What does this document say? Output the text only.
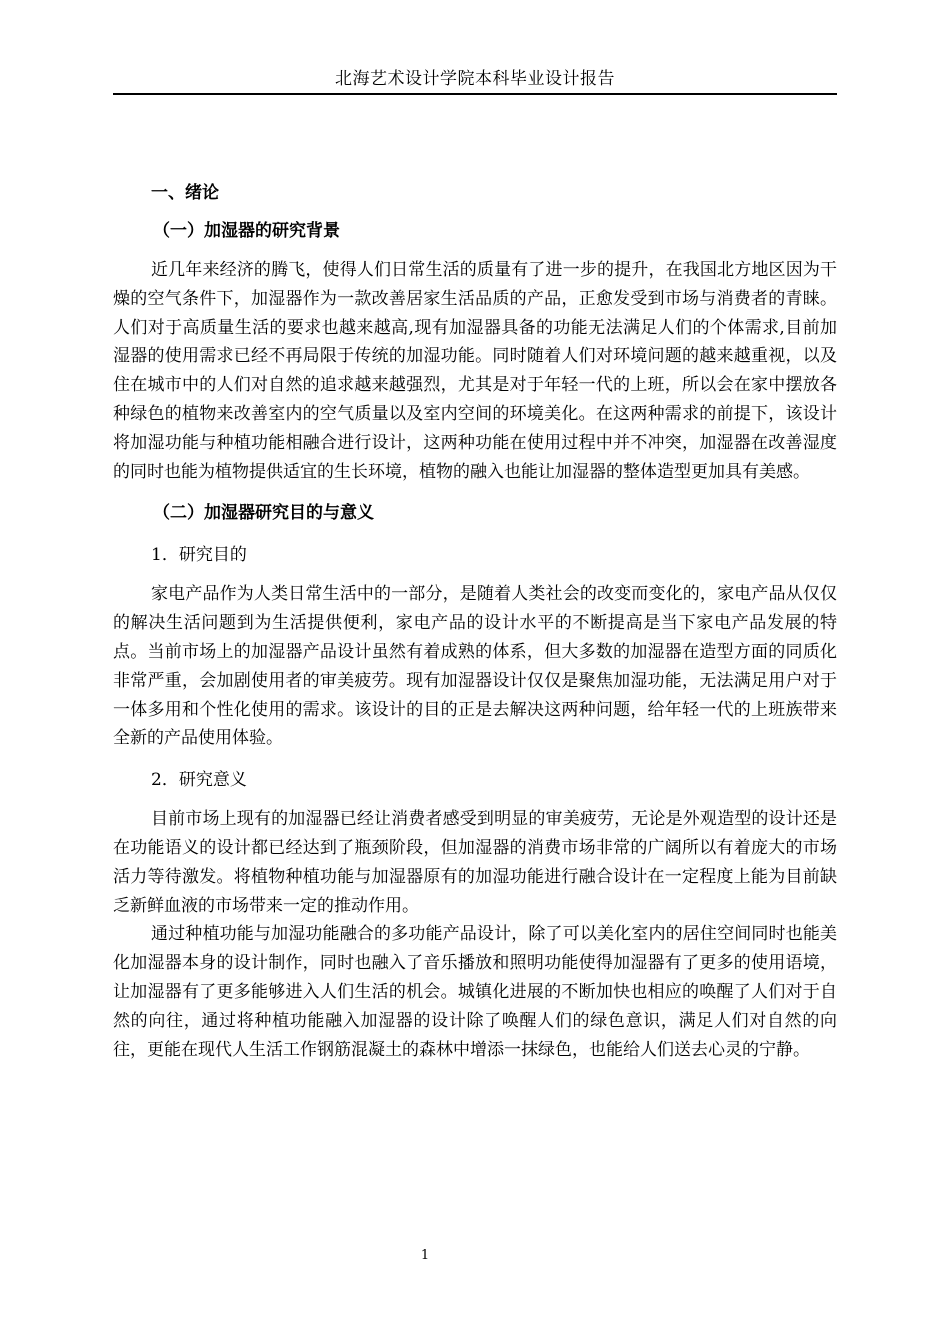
北海艺术设计学院本科毕业设计报告
一、绪论
（一）加湿器的研究背景

近几年来经济的腾飞，使得人们日常生活的质量有了进一步的提升，在我国北方地区因为干燥的空气条件下，加湿器作为一款改善居家生活品质的产品，正愈发受到市场与消费者的青睐。人们对于高质量生活的要求也越来越高,现有加湿器具备的功能无法满足人们的个体需求,目前加湿器的使用需求已经不再局限于传统的加湿功能。同时随着人们对环境问题的越来越重视，以及住在城市中的人们对自然的追求越来越强烈，尤其是对于年轻一代的上班，所以会在家中摆放各种绿色的植物来改善室内的空气质量以及室内空间的环境美化。在这两种需求的前提下，该设计将加湿功能与种植功能相融合进行设计，这两种功能在使用过程中并不冲突，加湿器在改善湿度的同时也能为植物提供适宜的生长环境，植物的融入也能让加湿器的整体造型更加具有美感。

（二）加湿器研究目的与意义
1．研究目的

家电产品作为人类日常生活中的一部分，是随着人类社会的改变而变化的，家电产品从仅仅的解决生活问题到为生活提供便利，家电产品的设计水平的不断提高是当下家电产品发展的特点。当前市场上的加湿器产品设计虽然有着成熟的体系，但大多数的加湿器在造型方面的同质化非常严重，会加剧使用者的审美疲劳。现有加湿器设计仅仅是聚焦加湿功能，无法满足用户对于一体多用和个性化使用的需求。该设计的目的正是去解决这两种问题，给年轻一代的上班族带来全新的产品使用体验。

2．研究意义

目前市场上现有的加湿器已经让消费者感受到明显的审美疲劳，无论是外观造型的设计还是在功能语义的设计都已经达到了瓶颈阶段，但加湿器的消费市场非常的广阔所以有着庞大的市场活力等待激发。将植物种植功能与加湿器原有的加湿功能进行融合设计在一定程度上能为目前缺乏新鲜血液的市场带来一定的推动作用。

通过种植功能与加湿功能融合的多功能产品设计，除了可以美化室内的居住空间同时也能美化加湿器本身的设计制作，同时也融入了音乐播放和照明功能使得加湿器有了更多的使用语境，让加湿器有了更多能够进入人们生活的机会。城镇化进展的不断加快也相应的唤醒了人们对于自然的向往，通过将种植功能融入加湿器的设计除了唤醒人们的绿色意识，满足人们对自然的向往，更能在现代人生活工作钢筋混凝土的森林中增添一抹绿色，也能给人们送去心灵的宁静。

1
